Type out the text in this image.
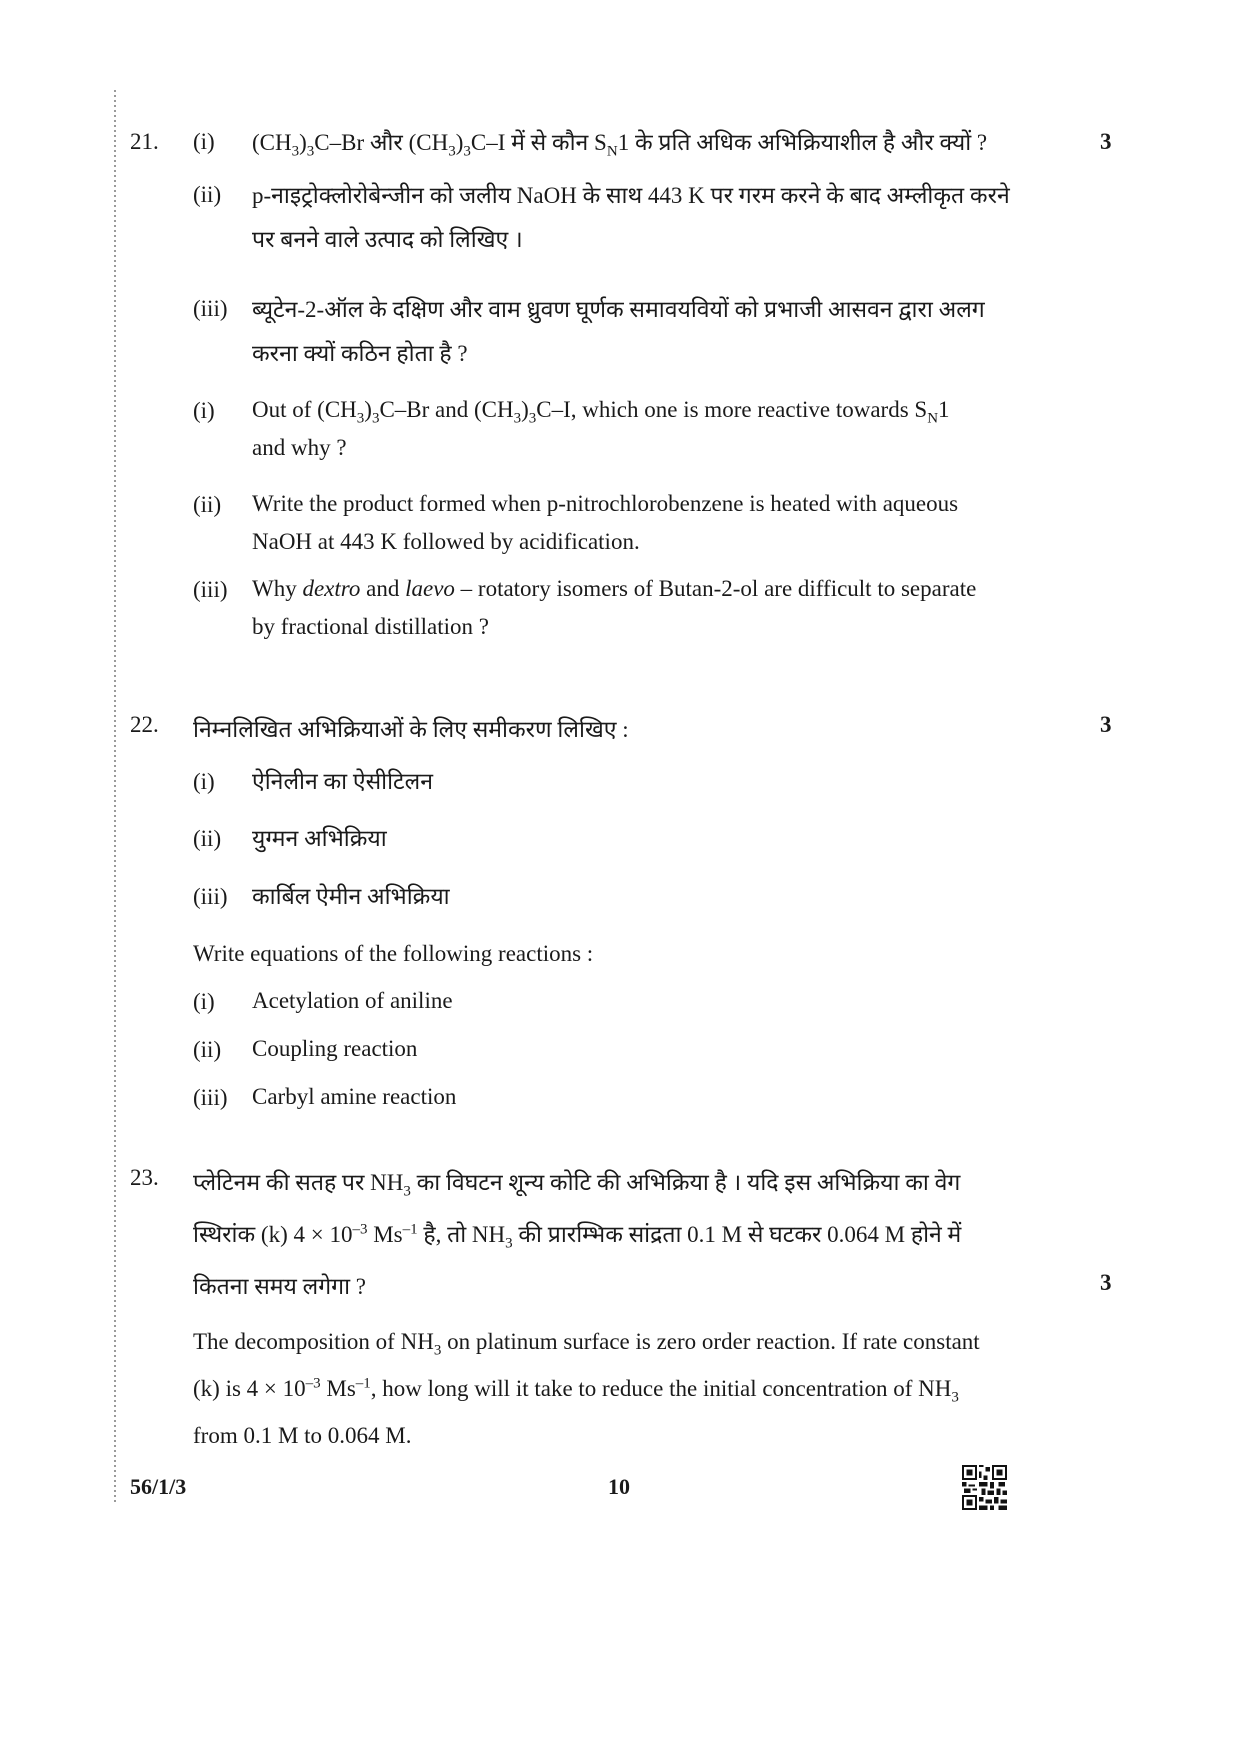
21.	3
(i) $(CH_3)_3C-Br$ और $(CH_3)_3C-I$ में से कौन $S_N1$ के प्रति अधिक अभिक्रियाशील है और क्यों ?
(ii) p-नाइट्रोक्लोरोबेन्जीन को जलीय NaOH के साथ 443 K पर गरम करने के बाद अम्लीकृत करने
पर बनने वाले उत्पाद को लिखिए ।
(iii) ब्यूटेन-2-ऑल के दक्षिण और वाम ध्रुवण घूर्णक समावयवियों को प्रभाजी आसवन द्वारा अलग
करना क्यों कठिन होता है ?
(i) Out of $(CH_3)_3C-Br$ and $(CH_3)_3C-I$, which one is more reactive towards $S_N1$
and why ?
(ii) Write the product formed when p-nitrochlorobenzene is heated with aqueous
NaOH at 443 K followed by acidification.
(iii) Why dextro and laevo – rotatory isomers of Butan-2-ol are difficult to separate
by fractional distillation ?
22. निम्नलिखित अभिक्रियाओं के लिए समीकरण लिखिए :	3
(i) ऐनिलीन का ऐसीटिलन
(ii) युग्मन अभिक्रिया
(iii) कार्बिल ऐमीन अभिक्रिया
Write equations of the following reactions :
(i) Acetylation of aniline
(ii) Coupling reaction
(iii) Carbyl amine reaction
23. प्लेटिनम की सतह पर $NH_3$ का विघटन शून्य कोटि की अभिक्रिया है । यदि इस अभिक्रिया का वेग
स्थिरांक (k) $4 \times 10^{-3}$ $Ms^{-1}$ है, तो $NH_3$ की प्रारम्भिक सांद्रता 0.1 M से घटकर 0.064 M होने में
कितना समय लगेगा ?	3
The decomposition of $NH_3$ on platinum surface is zero order reaction. If rate constant
(k) is $4 \times 10^{-3}$ $Ms^{-1}$, how long will it take to reduce the initial concentration of $NH_3$
from 0.1 M to 0.064 M.
56/1/3	10
